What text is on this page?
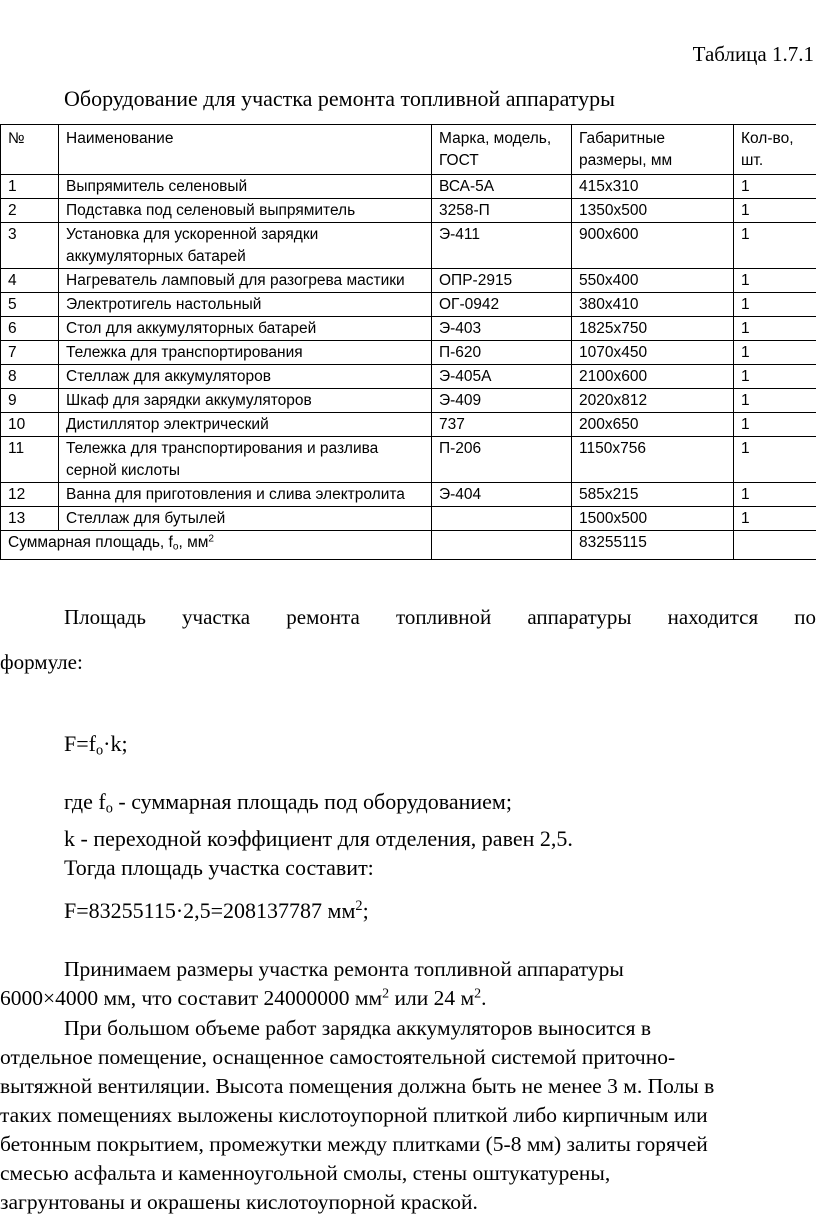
Таблица 1.7.1
Оборудование для участка ремонта топливной аппаратуры
№	Наименование	Марка, модель, ГОСТ	Габаритные размеры, мм	Кол-во, шт.
1	Выпрямитель селеновый	ВСА-5А	415x310	1
2	Подставка под селеновый выпрямитель	3258-П	1350x500	1
3	Установка для ускоренной зарядки аккумуляторных батарей	Э-411	900x600	1
4	Нагреватель ламповый для разогрева мастики	ОПР-2915	550x400	1
5	Электротигель настольный	ОГ-0942	380x410	1
6	Стол для аккумуляторных батарей	Э-403	1825x750	1
7	Тележка для транспортирования	П-620	1070x450	1
8	Стеллаж для аккумуляторов	Э-405А	2100x600	1
9	Шкаф для зарядки аккумуляторов	Э-409	2020x812	1
10	Дистиллятор электрический	737	200x650	1
11	Тележка для транспортирования и разлива серной кислоты	П-206	1150x756	1
12	Ванна для приготовления и слива электролита	Э-404	585x215	1
13	Стеллаж для бутылей		1500x500	1
Суммарная площадь, $f_о$, $мм^2$			83255115	
Площадь участка ремонта топливной аппаратуры находится по
формуле:
$F=f_о\cdot k$;
где $f_о$ - суммарная площадь под оборудованием;
k - переходной коэффициент для отделения, равен 2,5.
Тогда площадь участка составит:
F=83255115·2,5=208137787 $мм^2$;
Принимаем размеры участка ремонта топливной аппаратуры
6000×4000 мм, что составит 24000000 $мм^2$ или 24 $м^2$.
При большом объеме работ зарядка аккумуляторов выносится в
отдельное помещение, оснащенное самостоятельной системой приточно-
вытяжной вентиляции. Высота помещения должна быть не менее 3 м. Полы в
таких помещениях выложены кислотоупорной плиткой либо кирпичным или
бетонным покрытием, промежутки между плитками (5-8 мм) залиты горячей
смесью асфальта и каменноугольной смолы, стены оштукатурены,
загрунтованы и окрашены кислотоупорной краской.
